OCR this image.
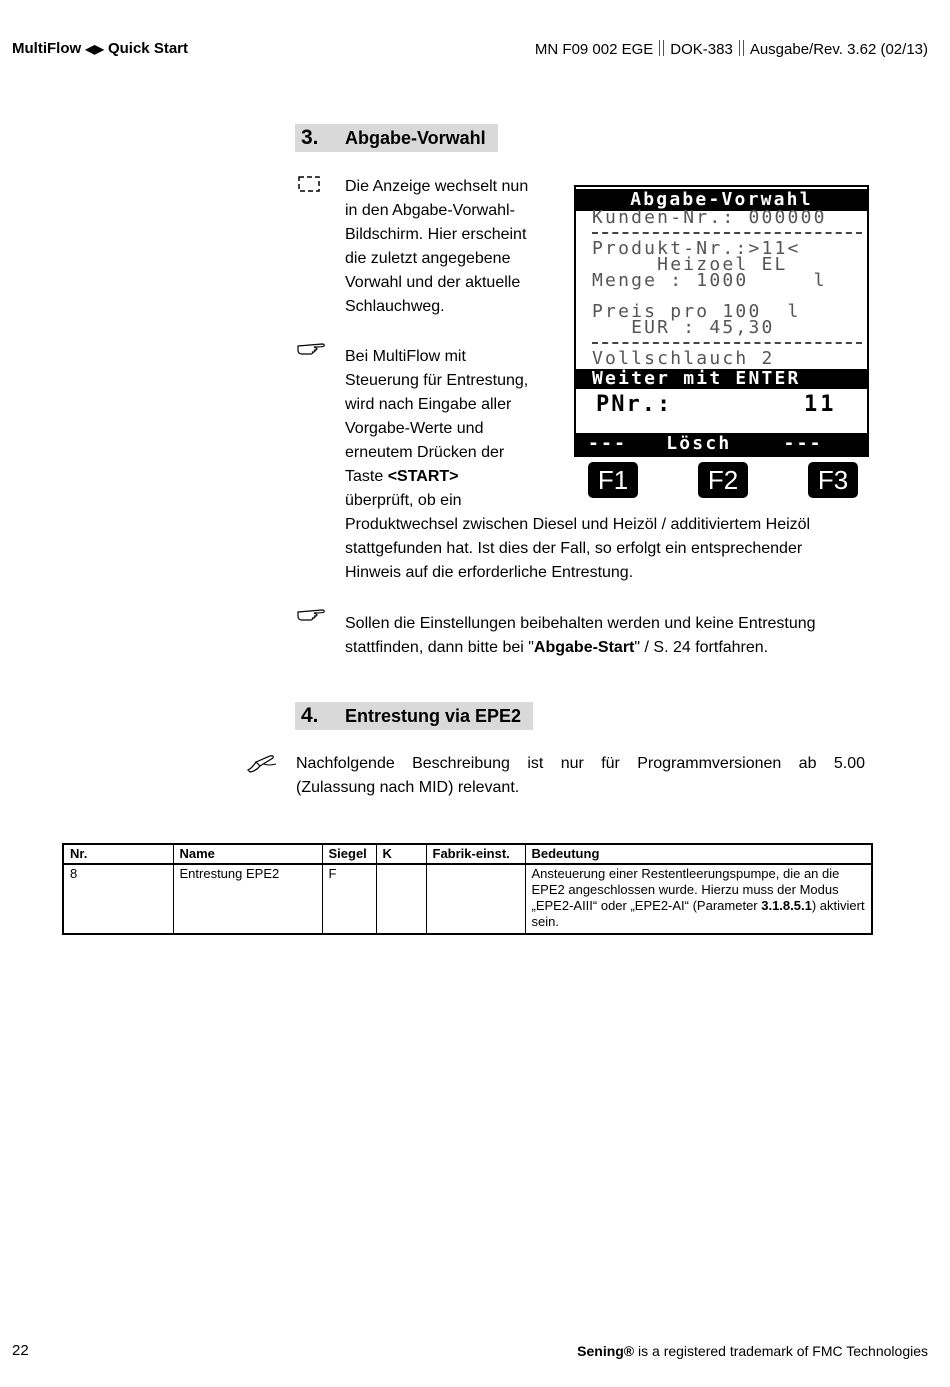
MultiFlow ◀▶ Quick Start	MN F09 002 EGE DOK-383 Ausgabe/Rev. 3.62 (02/13)
3.	Abgabe-Vorwahl
Die Anzeige wechselt nun
in den Abgabe-Vorwahl-
Bildschirm. Hier erscheint
die zuletzt angegebene
Vorwahl und der aktuelle
Schlauchweg.
Bei MultiFlow mit
Steuerung für Entrestung,
wird nach Eingabe aller
Vorgabe-Werte und
erneutem Drücken der
Taste <START>
überprüft, ob ein
Produktwechsel zwischen Diesel und Heizöl / additiviertem Heizöl
stattgefunden hat. Ist dies der Fall, so erfolgt ein entsprechender
Hinweis auf die erforderliche Entrestung.
Abgabe-Vorwahl
Kunden-Nr.: 000000
Produkt-Nr.:>11<
Heizoel EL
Menge : 1000     l
Preis pro 100  l
EUR : 45,30
Vollschlauch 2
Weiter mit ENTER
PNr.:	11
---   Lösch    ---
F1	F2	F3
Sollen die Einstellungen beibehalten werden und keine Entrestung
stattfinden, dann bitte bei "Abgabe-Start" / S. 24 fortfahren.
4.	Entrestung via EPE2
Nachfolgende Beschreibung ist nur für Programmversionen ab 5.00
(Zulassung nach MID) relevant.
Nr.	Name	Siegel	K	Fabrik-einst.	Bedeutung
8	Entrestung EPE2	F			Ansteuerung einer Restentleerungspumpe, die an die EPE2 angeschlossen wurde. Hierzu muss der Modus „EPE2-AIII“ oder „EPE2-AI“ (Parameter 3.1.8.5.1) aktiviert sein.
22	Sening® is a registered trademark of FMC Technologies
